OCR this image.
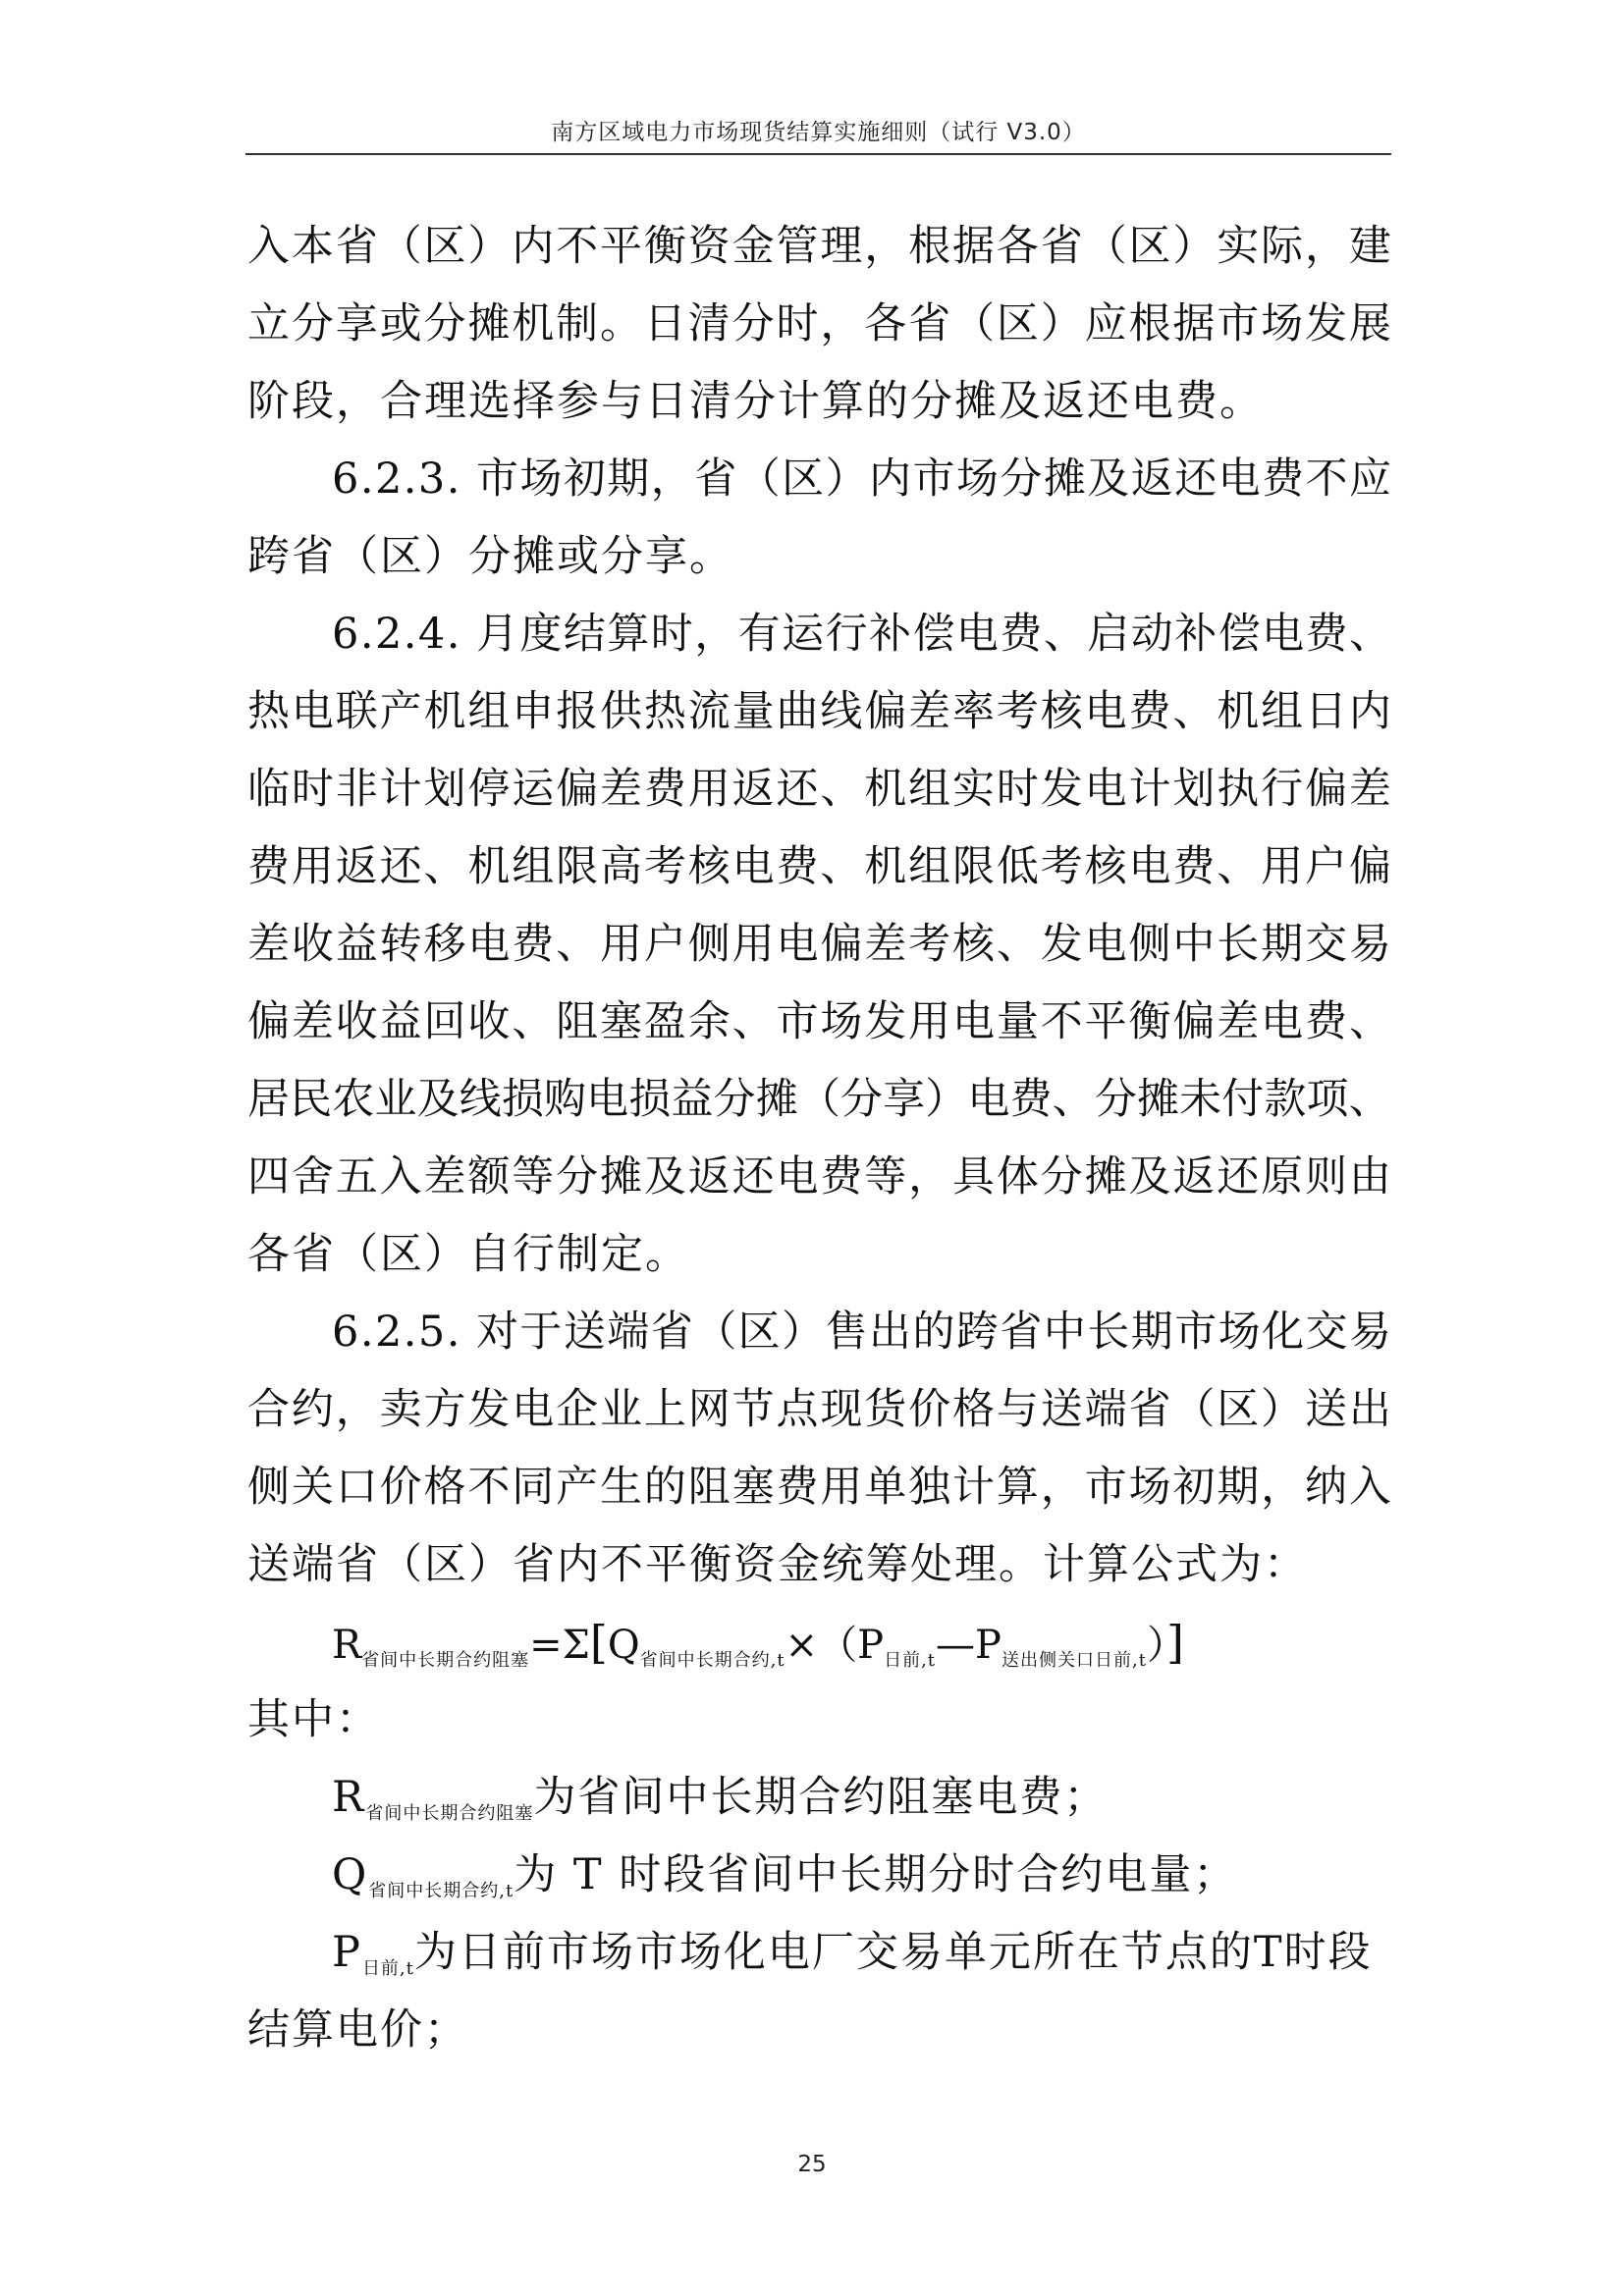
南方区域电力市场现货结算实施细则（试行 V3.0）
入 本 省 （ 区 ） 内 不 平 衡 资 金 管 理 ， 根 据 各 省 （ 区 ） 实 际 ， 建
立 分 享 或 分 摊 机 制 。 日 清 分 时 ， 各 省 （ 区 ） 应 根 据 市 场 发 展
阶段，合理选择参与日清分计算的分摊及返还电费。
6 . 2 . 3 .
市 场 初 期 ， 省 （ 区 ） 内 市 场 分 摊 及 返 还 电 费 不 应
跨省（区）分摊或分享。
6 . 2 . 4 .
月 度 结 算 时 ， 有 运 行 补 偿 电 费 、 启 动 补 偿 电 费 、
热 电 联 产 机 组 申 报 供 热 流 量 曲 线 偏 差 率 考 核 电 费 、 机 组 日 内
临 时 非 计 划 停 运 偏 差 费 用 返 还 、 机 组 实 时 发 电 计 划 执 行 偏 差
费 用 返 还 、 机 组 限 高 考 核 电 费 、 机 组 限 低 考 核 电 费 、 用 户 偏
差 收 益 转 移 电 费 、 用 户 侧 用 电 偏 差 考 核 、 发 电 侧 中 长 期 交 易
偏 差 收 益 回 收 、 阻 塞 盈 余 、 市 场 发 用 电 量 不 平 衡 偏 差 电 费 、
居 民 农 业 及 线 损 购 电 损 益 分 摊 （ 分 享 ） 电 费 、 分 摊 未 付 款 项 、
四 舍 五 入 差 额 等 分 摊 及 返 还 电 费 等 ， 具 体 分 摊 及 返 还 原 则 由
各省（区）自行制定。
6 . 2 . 5 .
对 于 送 端 省 （ 区 ） 售 出 的 跨 省 中 长 期 市 场 化 交 易
合 约 ， 卖 方 发 电 企 业 上 网 节 点 现 货 价 格 与 送 端 省 （ 区 ） 送 出
侧 关 口 价 格 不 同 产 生 的 阻 塞 费 用 单 独 计 算 ， 市 场 初 期 ， 纳 入
送端省（区）省内不平衡资金统筹处理。计算公式为：
$R_{省间中长期合约阻塞}=\Sigma[Q_{省间中长期合约,t}\times(P_{日前,t}—P_{送出侧关口日前,t})]$
其中：
$R_{省间中长期合约阻塞}$为省间中长期合约阻塞电费；
$Q_{省间中长期合约,t}$为 T 时段省间中长期分时合约电量；
$P_{日前,t}$为日前市场市场化电厂交易单元所在节点的T时段
结算电价；
25
